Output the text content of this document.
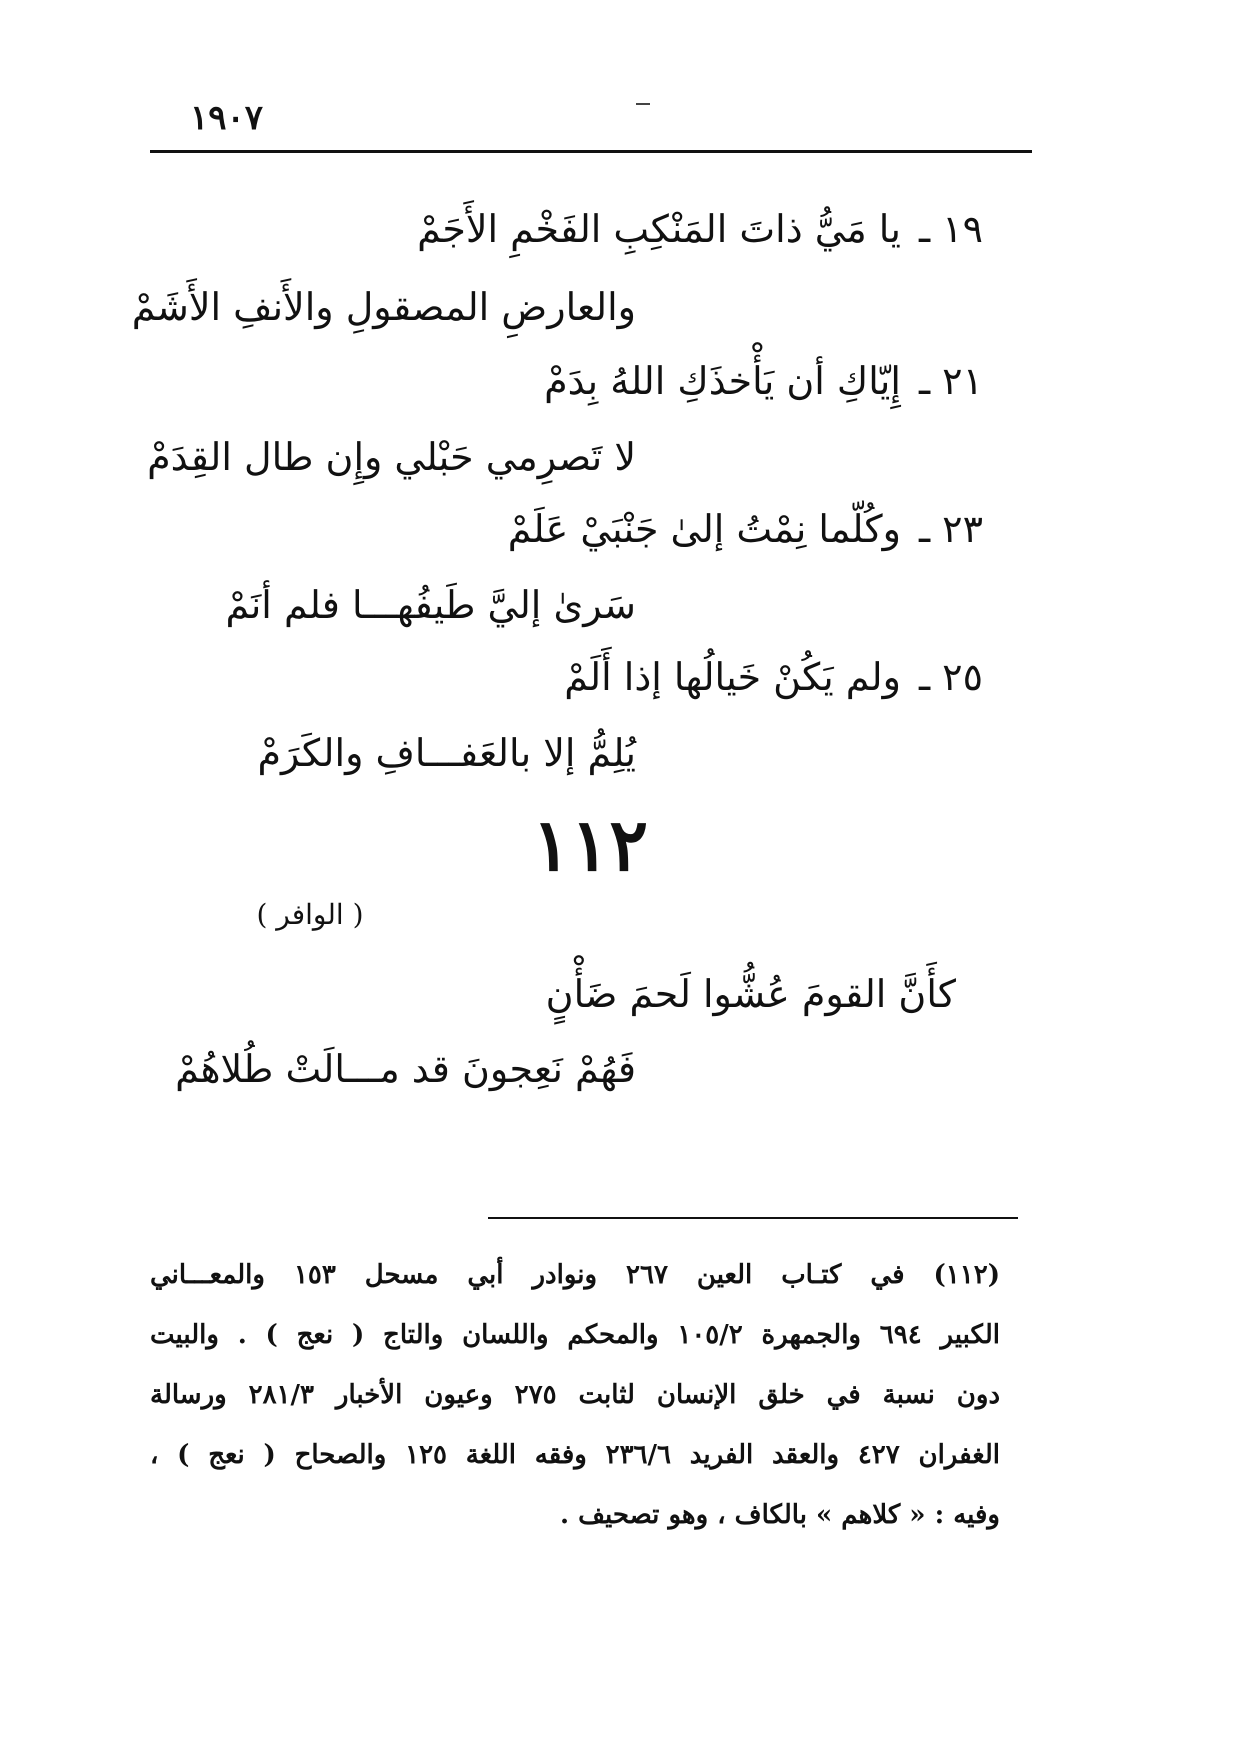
١٩٠٧
١٩ ـيا مَيُّ ذاتَ المَنْكِبِ الفَخْمِ الأَجَمْ
والعارضِ المصقولِ والأَنفِ الأَشَمْ
٢١ ـإِيّاكِ أن يَأْخذَكِ اللهُ بِدَمْ
لا تَصرِمي حَبْلي وإِن طال القِدَمْ
٢٣ ـوكُلّما نِمْتُ إلىٰ جَنْبَيْ عَلَمْ
سَرىٰ إليَّ طَيفُهـــا فلم أنَمْ
٢٥ ـولم يَكُنْ خَيالُها إذا أَلَمْ
يُلِمُّ إلا بالعَفـــافِ والكَرَمْ
١١٢
( الوافر )
كأَنَّ القومَ عُشُّوا لَحمَ ضَأْنٍ
فَهُمْ نَعِجونَ قد مـــالَتْ طُلاهُمْ
(١١٢) في كتـاب العين ٢٦٧ ونوادر أبي مسحل ١٥٣ والمعـــاني
الكبير ٦٩٤ والجمهرة ١٠٥/٢ والمحكم واللسان والتاج ( نعج ) . والبيت
دون نسبة في خلق الإنسان لثابت ٢٧٥ وعيون الأخبار ٢٨١/٣ ورسالة
الغفران ٤٢٧ والعقد الفريد ٢٣٦/٦ وفقه اللغة ١٢٥ والصحاح ( نعج ) ،
وفيه : « كلاهم » بالكاف ، وهو تصحيف .
